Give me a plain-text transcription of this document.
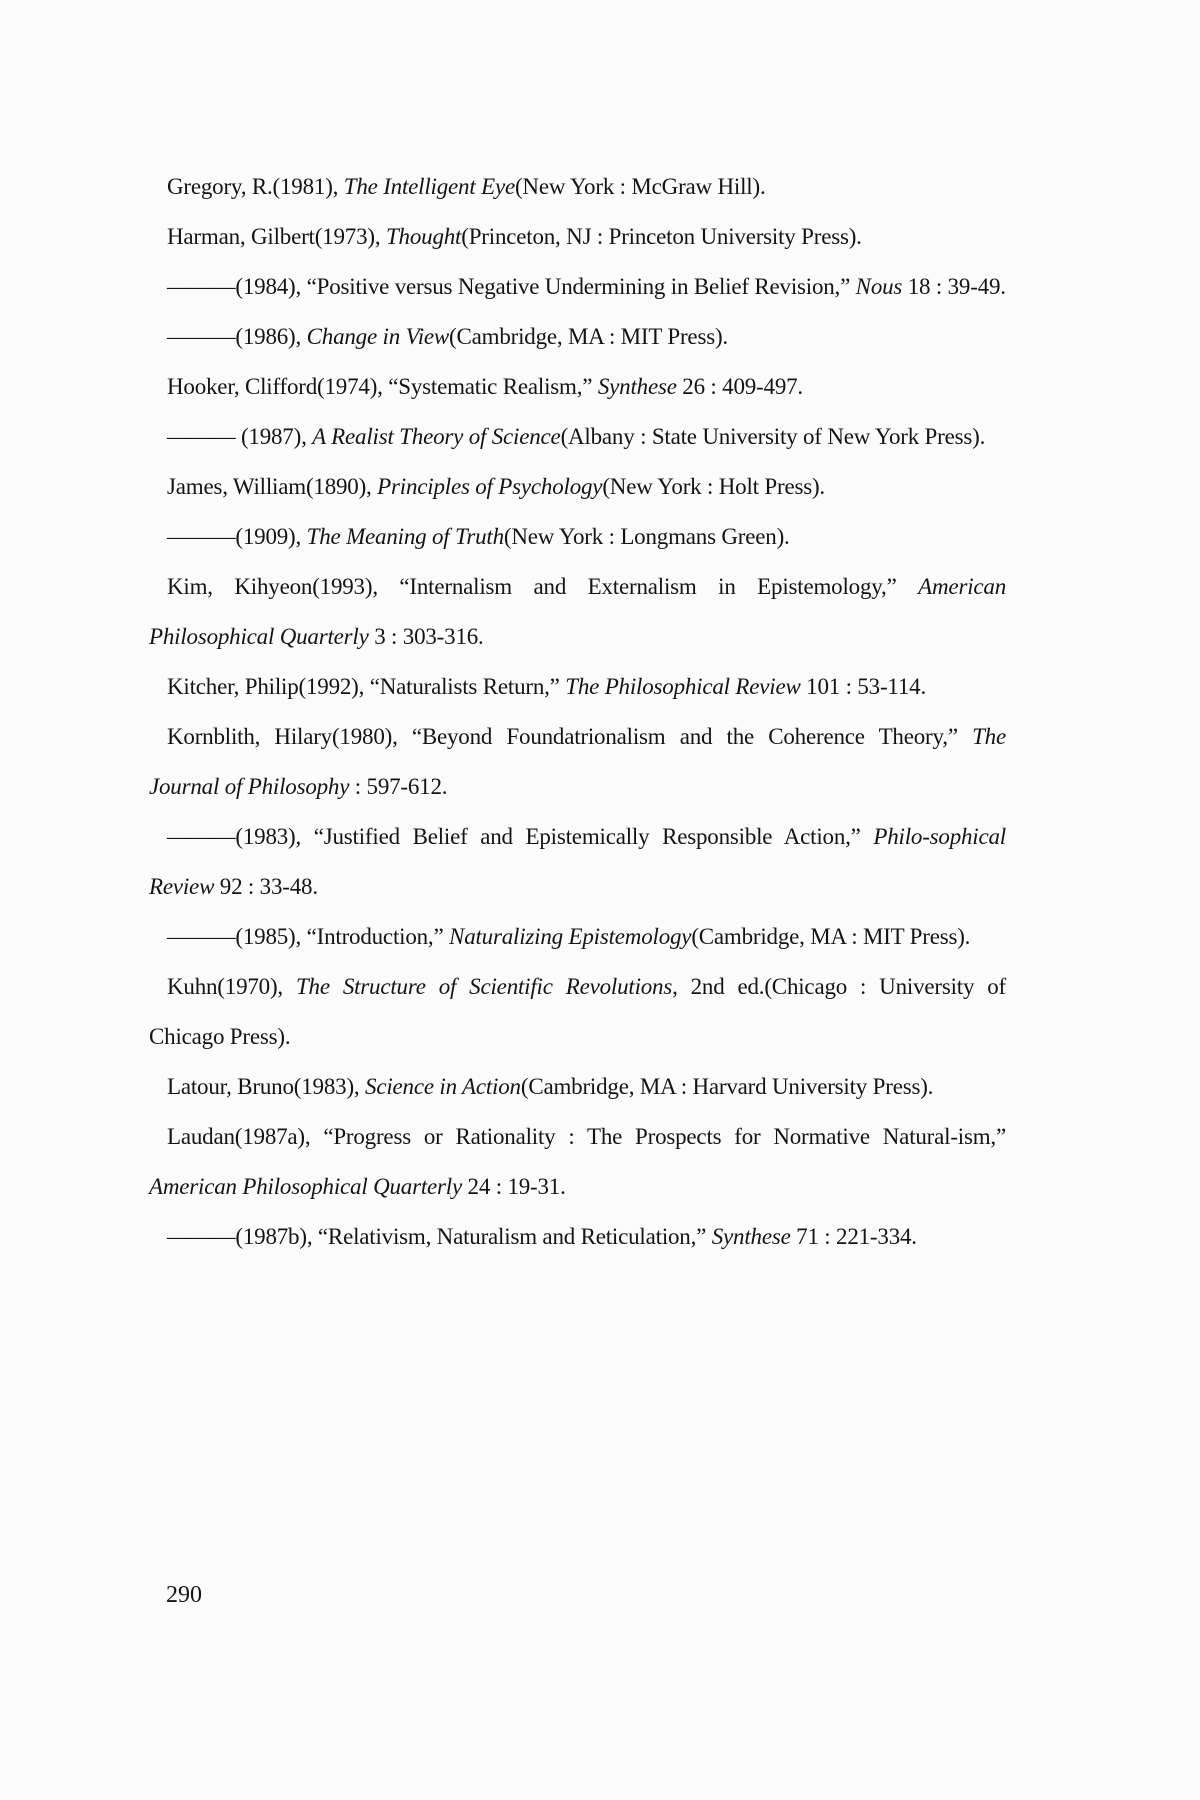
Gregory, R.(1981), The Intelligent Eye(New York : McGraw Hill).

Harman, Gilbert(1973), Thought(Princeton, NJ : Princeton University Press).

———(1984), “Positive versus Negative Undermining in Belief Revision,” Nous 18 : 39-49.

———(1986), Change in View(Cambridge, MA : MIT Press).

Hooker, Clifford(1974), “Systematic Realism,” Synthese 26 : 409-497.

——— (1987), A Realist Theory of Science(Albany : State University of New York Press).

James, William(1890), Principles of Psychology(New York : Holt Press).

———(1909), The Meaning of Truth(New York : Longmans Green).

Kim, Kihyeon(1993), “Internalism and Externalism in Epistemology,” American Philosophical Quarterly 3 : 303-316.

Kitcher, Philip(1992), “Naturalists Return,” The Philosophical Review 101 : 53-114.

Kornblith, Hilary(1980), “Beyond Foundatrionalism and the Coherence Theory,” The Journal of Philosophy : 597-612.

———(1983), “Justified Belief and Epistemically Responsible Action,” Philo-sophical Review 92 : 33-48.

———(1985), “Introduction,” Naturalizing Epistemology(Cambridge, MA : MIT Press).

Kuhn(1970), The Structure of Scientific Revolutions, 2nd ed.(Chicago : University of Chicago Press).

Latour, Bruno(1983), Science in Action(Cambridge, MA : Harvard University Press).

Laudan(1987a), “Progress or Rationality : The Prospects for Normative Natural-ism,” American Philosophical Quarterly 24 : 19-31.

———(1987b), “Relativism, Naturalism and Reticulation,” Synthese 71 : 221-334.

290
